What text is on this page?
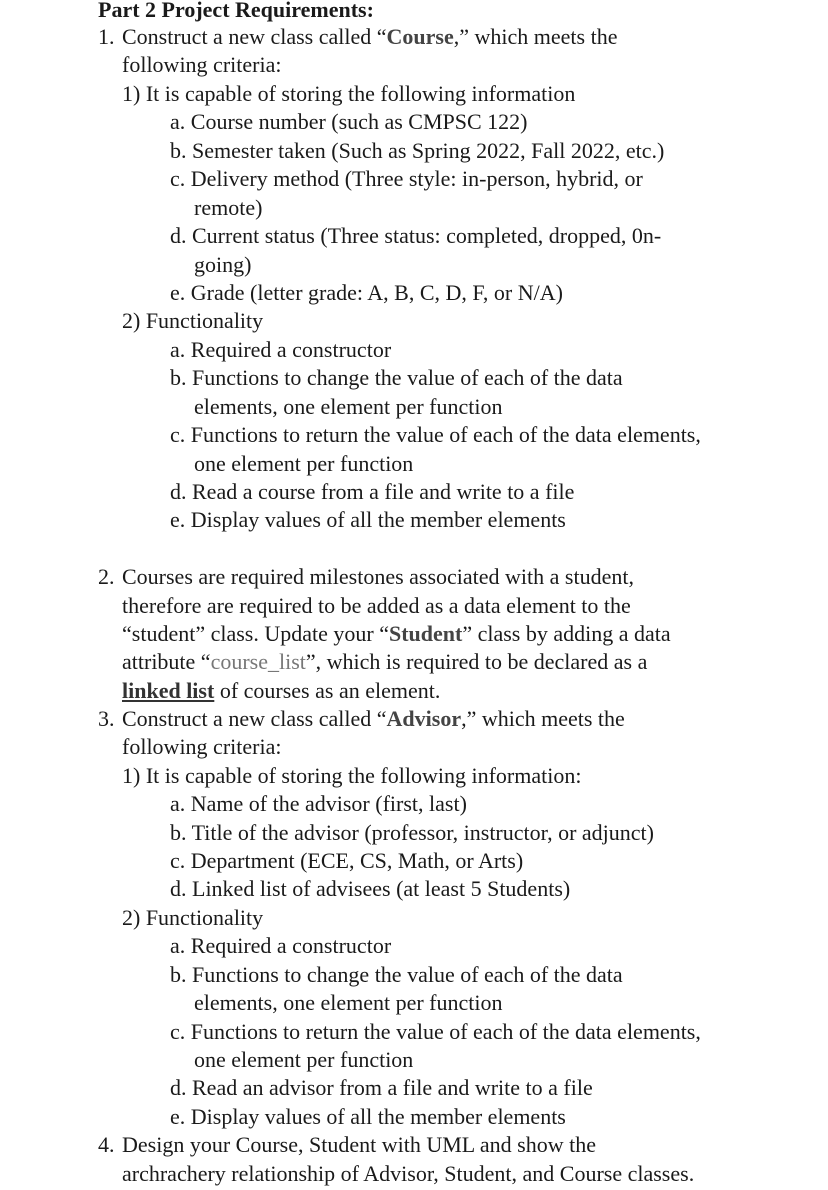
Part 2 Project Requirements:
1. Construct a new class called “Course,” which meets the
following criteria:
1) It is capable of storing the following information
a. Course number (such as CMPSC 122)
b. Semester taken (Such as Spring 2022, Fall 2022, etc.)
c. Delivery method (Three style: in-person, hybrid, or
remote)
d. Current status (Three status: completed, dropped, 0n-
going)
e. Grade (letter grade: A, B, C, D, F, or N/A)
2) Functionality
a. Required a constructor
b. Functions to change the value of each of the data
elements, one element per function
c. Functions to return the value of each of the data elements,
one element per function
d. Read a course from a file and write to a file
e. Display values of all the member elements
2. Courses are required milestones associated with a student,
therefore are required to be added as a data element to the
“student” class. Update your “Student” class by adding a data
attribute “course_list”, which is required to be declared as a
linked list of courses as an element.
3. Construct a new class called “Advisor,” which meets the
following criteria:
1) It is capable of storing the following information:
a. Name of the advisor (first, last)
b. Title of the advisor (professor, instructor, or adjunct)
c. Department (ECE, CS, Math, or Arts)
d. Linked list of advisees (at least 5 Students)
2) Functionality
a. Required a constructor
b. Functions to change the value of each of the data
elements, one element per function
c. Functions to return the value of each of the data elements,
one element per function
d. Read an advisor from a file and write to a file
e. Display values of all the member elements
4. Design your Course, Student with UML and show the
archrachery relationship of Advisor, Student, and Course classes.
